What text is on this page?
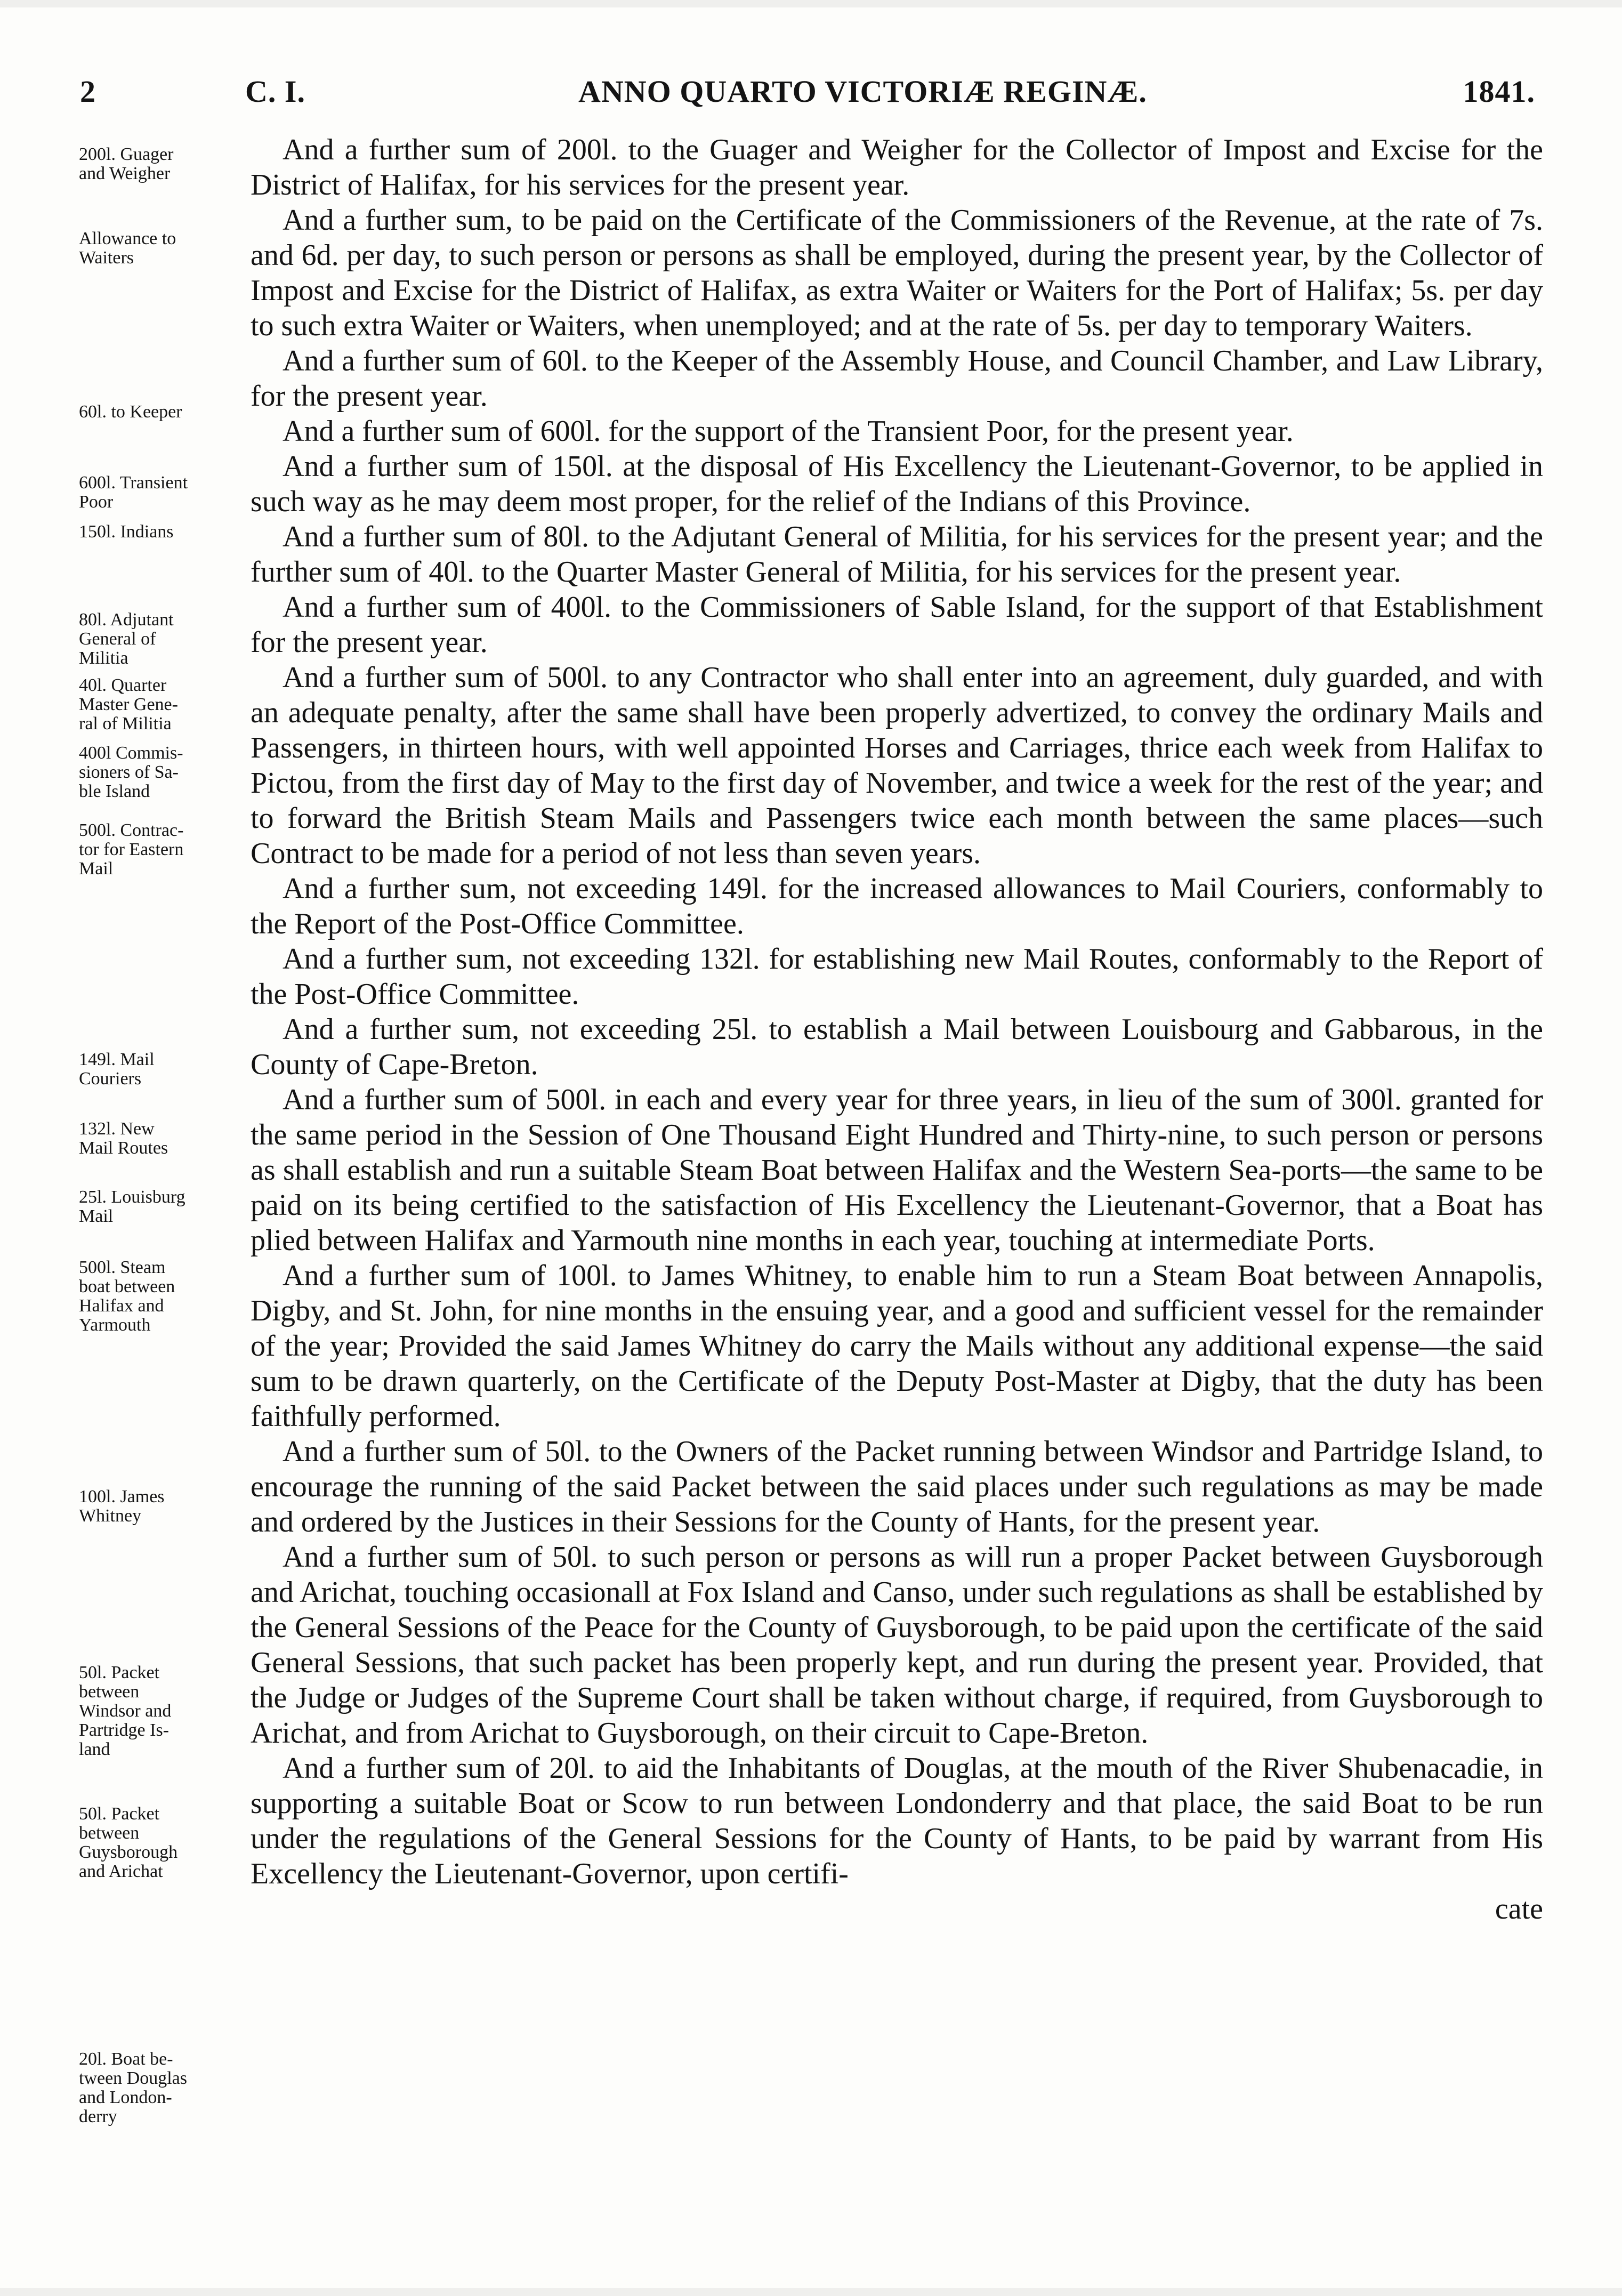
2	C. I.	ANNO QUARTO VICTORIÆ REGINÆ.	1841.
200l. Guager
and Weigher
Allowance to
Waiters
60l. to Keeper
600l. Transient
Poor
150l. Indians
80l. Adjutant
General of
Militia
40l. Quarter
Master Gene-
ral of Militia
400l Commis-
sioners of Sa-
ble Island
500l. Contrac-
tor for Eastern
Mail
149l. Mail
Couriers
132l. New
Mail Routes
25l. Louisburg
Mail
500l. Steam
boat between
Halifax and
Yarmouth
100l. James
Whitney
50l. Packet
between
Windsor and
Partridge Is-
land
50l. Packet
between
Guysborough
and Arichat
20l. Boat be-
tween Douglas
and London-
derry

And a further sum of 200l. to the Guager and Weigher for the Collector of Impost and Excise for the District of Halifax, for his services for the present year.

And a further sum, to be paid on the Certificate of the Commissioners of the Revenue, at the rate of 7s. and 6d. per day, to such person or persons as shall be employed, during the present year, by the Collector of Impost and Excise for the District of Halifax, as extra Waiter or Waiters for the Port of Halifax; 5s. per day to such extra Waiter or Waiters, when unemployed; and at the rate of 5s. per day to temporary Waiters.

And a further sum of 60l. to the Keeper of the Assembly House, and Council Chamber, and Law Library, for the present year.

And a further sum of 600l. for the support of the Transient Poor, for the present year.

And a further sum of 150l. at the disposal of His Excellency the Lieutenant-Governor, to be applied in such way as he may deem most proper, for the relief of the Indians of this Province.

And a further sum of 80l. to the Adjutant General of Militia, for his services for the present year; and the further sum of 40l. to the Quarter Master General of Militia, for his services for the present year.

And a further sum of 400l. to the Commissioners of Sable Island, for the support of that Establishment for the present year.

And a further sum of 500l. to any Contractor who shall enter into an agreement, duly guarded, and with an adequate penalty, after the same shall have been properly advertized, to convey the ordinary Mails and Passengers, in thirteen hours, with well appointed Horses and Carriages, thrice each week from Halifax to Pictou, from the first day of May to the first day of November, and twice a week for the rest of the year; and to forward the British Steam Mails and Passengers twice each month between the same places—such Contract to be made for a period of not less than seven years.

And a further sum, not exceeding 149l. for the increased allowances to Mail Couriers, conformably to the Report of the Post-Office Committee.

And a further sum, not exceeding 132l. for establishing new Mail Routes, conformably to the Report of the Post-Office Committee.

And a further sum, not exceeding 25l. to establish a Mail between Louisbourg and Gabbarous, in the County of Cape-Breton.

And a further sum of 500l. in each and every year for three years, in lieu of the sum of 300l. granted for the same period in the Session of One Thousand Eight Hundred and Thirty-nine, to such person or persons as shall establish and run a suitable Steam Boat between Halifax and the Western Sea-ports—the same to be paid on its being certified to the satisfaction of His Excellency the Lieutenant-Governor, that a Boat has plied between Halifax and Yarmouth nine months in each year, touching at intermediate Ports.

And a further sum of 100l. to James Whitney, to enable him to run a Steam Boat between Annapolis, Digby, and St. John, for nine months in the ensuing year, and a good and sufficient vessel for the remainder of the year; Provided the said James Whitney do carry the Mails without any additional expense—the said sum to be drawn quarterly, on the Certificate of the Deputy Post-Master at Digby, that the duty has been faithfully performed.

And a further sum of 50l. to the Owners of the Packet running between Windsor and Partridge Island, to encourage the running of the said Packet between the said places under such regulations as may be made and ordered by the Justices in their Sessions for the County of Hants, for the present year.

And a further sum of 50l. to such person or persons as will run a proper Packet between Guysborough and Arichat, touching occasionall at Fox Island and Canso, under such regulations as shall be established by the General Sessions of the Peace for the County of Guysborough, to be paid upon the certificate of the said General Sessions, that such packet has been properly kept, and run during the present year. Provided, that the Judge or Judges of the Supreme Court shall be taken without charge, if required, from Guysborough to Arichat, and from Arichat to Guysborough, on their circuit to Cape-Breton.

And a further sum of 20l. to aid the Inhabitants of Douglas, at the mouth of the River Shubenacadie, in supporting a suitable Boat or Scow to run between Londonderry and that place, the said Boat to be run under the regulations of the General Sessions for the County of Hants, to be paid by warrant from His Excellency the Lieutenant-Governor, upon certifi-

cate
